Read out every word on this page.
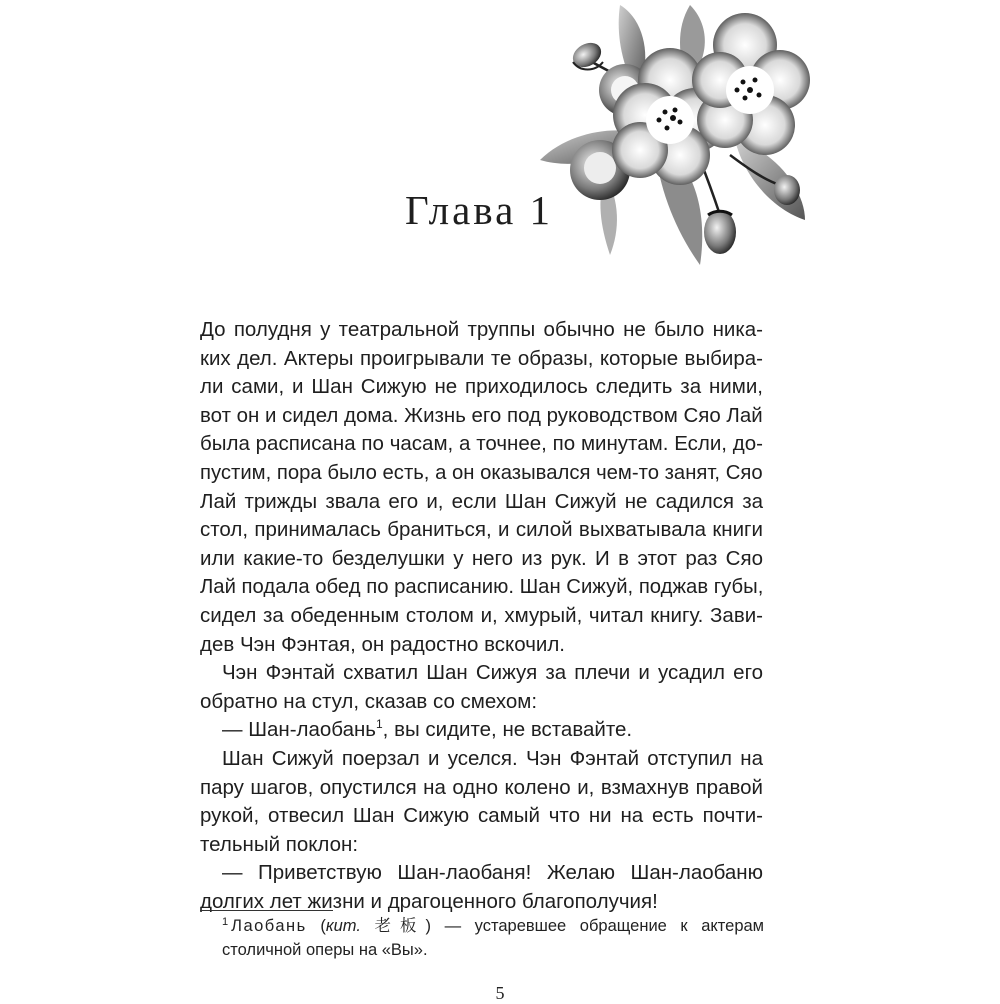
Глава 1
До полудня у театральной труппы обычно не было ника-
ких дел. Актеры проигрывали те образы, которые выбира-
ли сами, и Шан Сижую не приходилось следить за ними,
вот он и сидел дома. Жизнь его под руководством Сяо Лай
была расписана по часам, а точнее, по минутам. Если, до-
пустим, пора было есть, а он оказывался чем-то занят, Сяо
Лай трижды звала его и, если Шан Сижуй не садился за
стол, принималась браниться, и силой выхватывала книги
или какие-то безделушки у него из рук. И в этот раз Сяо
Лай подала обед по расписанию. Шан Сижуй, поджав губы,
сидел за обеденным столом и, хмурый, читал книгу. Зави-
дев Чэн Фэнтая, он радостно вскочил.
Чэн Фэнтай схватил Шан Сижуя за плечи и усадил его
обратно на стул, сказав со смехом:
— Шан-лаобань$^1$, вы сидите, не вставайте.
Шан Сижуй поерзал и уселся. Чэн Фэнтай отступил на
пару шагов, опустился на одно колено и, взмахнув правой
рукой, отвесил Шан Сижую самый что ни на есть почти-
тельный поклон:
— Приветствую Шан-лаобаня! Желаю Шан-лаобаню
долгих лет жизни и драгоценного благополучия!
$^1$ Лаобань (кит. 老板) — устаревшее обращение к актерам
столичной оперы на «Вы».
5
